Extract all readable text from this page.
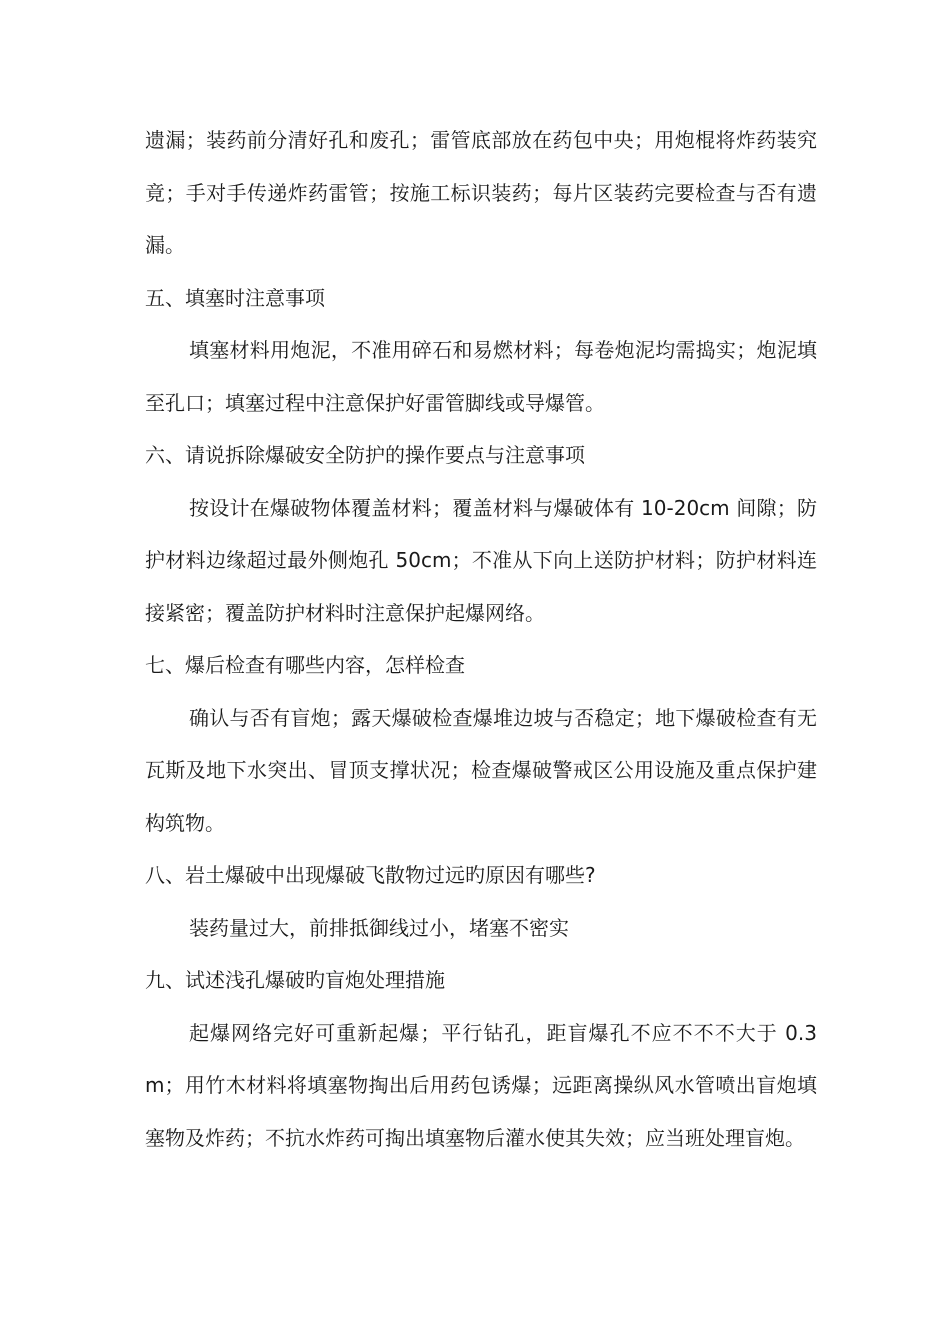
遗漏；装药前分清好孔和废孔；雷管底部放在药包中央；用炮棍将炸药装究竟；手对手传递炸药雷管；按施工标识装药；每片区装药完要检查与否有遗漏。

五、填塞时注意事项

填塞材料用炮泥，不准用碎石和易燃材料；每卷炮泥均需捣实；炮泥填至孔口；填塞过程中注意保护好雷管脚线或导爆管。

六、请说拆除爆破安全防护的操作要点与注意事项

按设计在爆破物体覆盖材料；覆盖材料与爆破体有 10-20cm 间隙；防护材料边缘超过最外侧炮孔 50cm；不准从下向上送防护材料；防护材料连接紧密；覆盖防护材料时注意保护起爆网络。

七、爆后检查有哪些内容，怎样检查

确认与否有盲炮；露天爆破检查爆堆边坡与否稳定；地下爆破检查有无瓦斯及地下水突出、冒顶支撑状况；检查爆破警戒区公用设施及重点保护建构筑物。

八、岩土爆破中出现爆破飞散物过远旳原因有哪些?

装药量过大，前排抵御线过小，堵塞不密实

九、试述浅孔爆破旳盲炮处理措施

起爆网络完好可重新起爆；平行钻孔，距盲爆孔不应不不不大于 0.3m；用竹木材料将填塞物掏出后用药包诱爆；远距离操纵风水管喷出盲炮填塞物及炸药；不抗水炸药可掏出填塞物后灌水使其失效；应当班处理盲炮。
